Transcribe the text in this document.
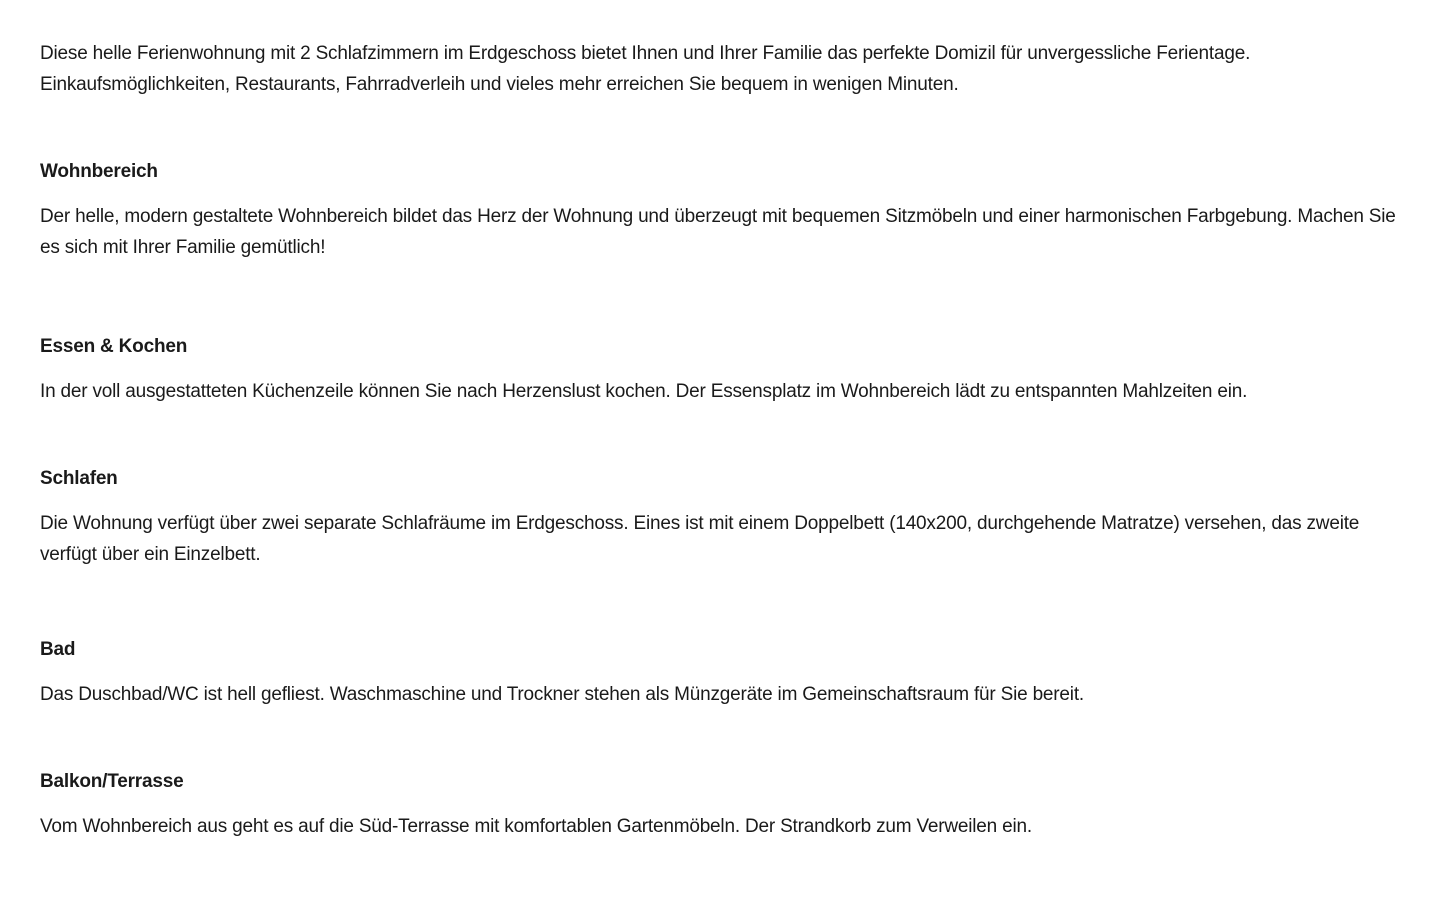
Diese helle Ferienwohnung mit 2 Schlafzimmern im Erdgeschoss bietet Ihnen und Ihrer Familie das perfekte Domizil für unvergessliche Ferientage. Einkaufsmöglichkeiten, Restaurants, Fahrradverleih und vieles mehr erreichen Sie bequem in wenigen Minuten.

Wohnbereich

Der helle, modern gestaltete Wohnbereich bildet das Herz der Wohnung und überzeugt mit bequemen Sitzmöbeln und einer harmonischen Farbgebung. Machen Sie es sich mit Ihrer Familie gemütlich!

Essen & Kochen

In der voll ausgestatteten Küchenzeile können Sie nach Herzenslust kochen. Der Essensplatz im Wohnbereich lädt zu entspannten Mahlzeiten ein.

Schlafen

Die Wohnung verfügt über zwei separate Schlafräume im Erdgeschoss. Eines ist mit einem Doppelbett (140x200, durchgehende Matratze) versehen, das zweite verfügt über ein Einzelbett.

Bad

Das Duschbad/WC ist hell gefliest. Waschmaschine und Trockner stehen als Münzgeräte im Gemeinschaftsraum für Sie bereit.

Balkon/Terrasse

Vom Wohnbereich aus geht es auf die Süd-Terrasse mit komfortablen Gartenmöbeln. Der Strandkorb zum Verweilen ein.
